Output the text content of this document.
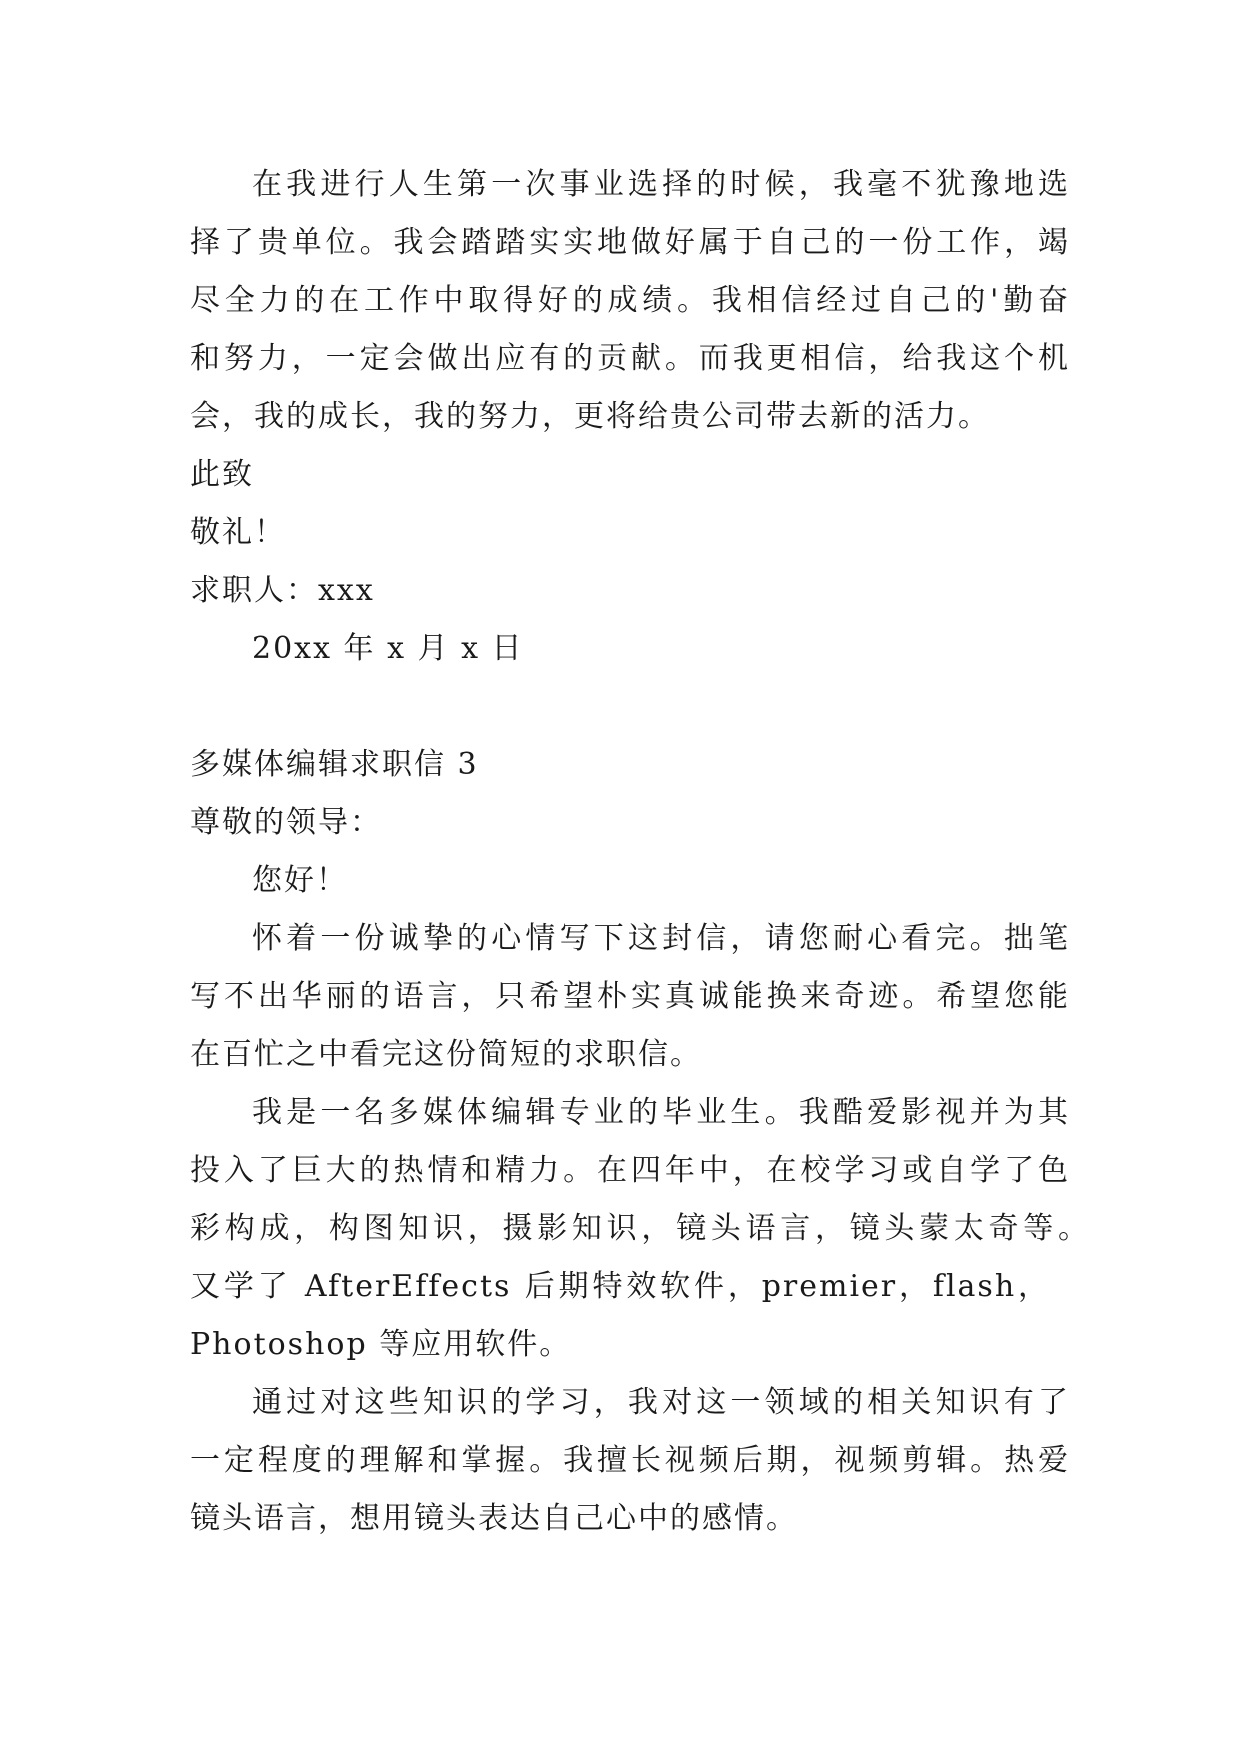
在我进行人生第一次事业选择的时候，我毫不犹豫地选
择了贵单位。我会踏踏实实地做好属于自己的一份工作，竭
尽全力的在工作中取得好的成绩。我相信经过自己的'勤奋
和努力，一定会做出应有的贡献。而我更相信，给我这个机
会，我的成长，我的努力，更将给贵公司带去新的活力。
此致
敬礼！
求职人：xxx
20xx 年 x 月 x 日
多媒体编辑求职信 3
尊敬的领导：
您好！
怀着一份诚挚的心情写下这封信，请您耐心看完。拙笔
写不出华丽的语言，只希望朴实真诚能换来奇迹。希望您能
在百忙之中看完这份简短的求职信。
我是一名多媒体编辑专业的毕业生。我酷爱影视并为其
投入了巨大的热情和精力。在四年中，在校学习或自学了色
彩构成，构图知识，摄影知识，镜头语言，镜头蒙太奇等。
又学了 AfterEffects 后期特效软件，premier，flash，
Photoshop 等应用软件。
通过对这些知识的学习，我对这一领域的相关知识有了
一定程度的理解和掌握。我擅长视频后期，视频剪辑。热爱
镜头语言，想用镜头表达自己心中的感情。
